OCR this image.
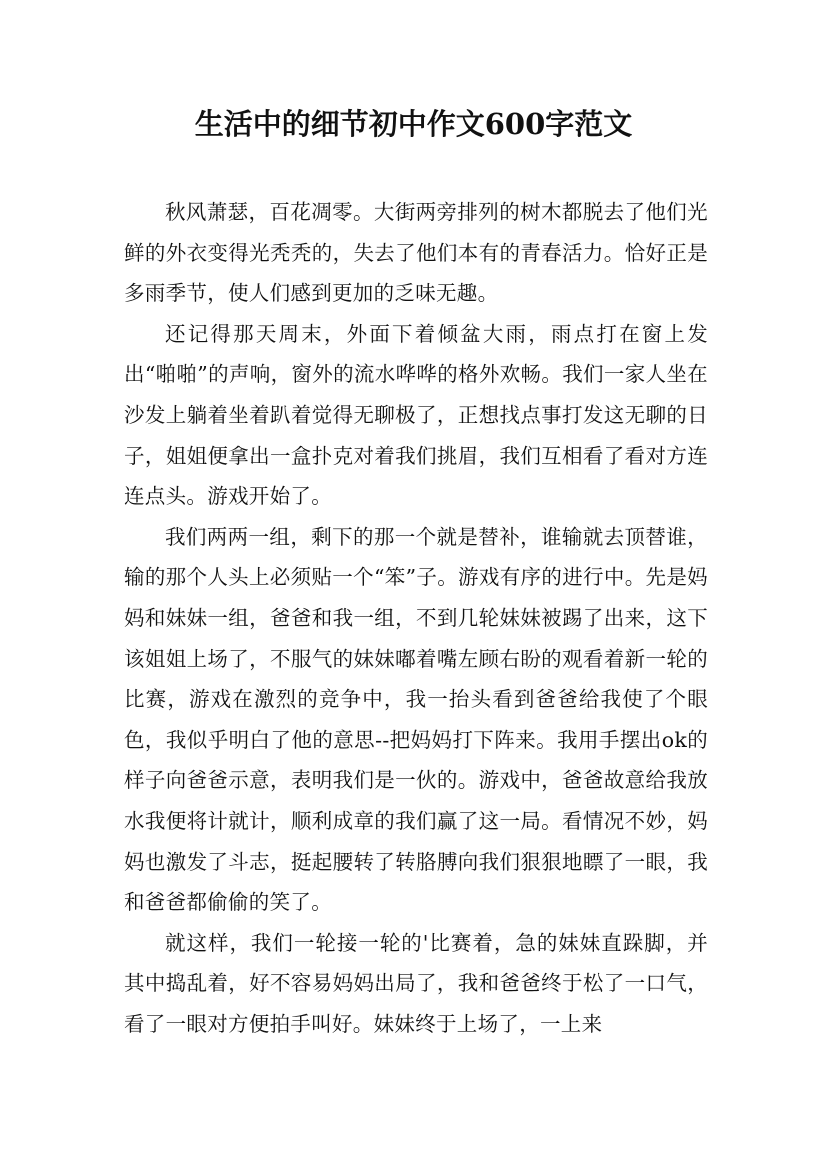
生活中的细节初中作文600字范文

秋风萧瑟，百花凋零。大街两旁排列的树木都脱去了他们光鲜的外衣变得光秃秃的，失去了他们本有的青春活力。恰好正是多雨季节，使人们感到更加的乏味无趣。

还记得那天周末，外面下着倾盆大雨，雨点打在窗上发出“啪啪”的声响，窗外的流水哗哗的格外欢畅。我们一家人坐在沙发上躺着坐着趴着觉得无聊极了，正想找点事打发这无聊的日子，姐姐便拿出一盒扑克对着我们挑眉，我们互相看了看对方连连点头。游戏开始了。

我们两两一组，剩下的那一个就是替补，谁输就去顶替谁，输的那个人头上必须贴一个“笨”子。游戏有序的进行中。先是妈妈和妹妹一组，爸爸和我一组，不到几轮妹妹被踢了出来，这下该姐姐上场了，不服气的妹妹嘟着嘴左顾右盼的观看着新一轮的比赛，游戏在激烈的竞争中，我一抬头看到爸爸给我使了个眼色，我似乎明白了他的意思--把妈妈打下阵来。我用手摆出ok的样子向爸爸示意，表明我们是一伙的。游戏中，爸爸故意给我放水我便将计就计，顺利成章的我们赢了这一局。看情况不妙，妈妈也激发了斗志，挺起腰转了转胳膊向我们狠狠地瞟了一眼，我和爸爸都偷偷的笑了。

就这样，我们一轮接一轮的'比赛着，急的妹妹直跺脚，并其中捣乱着，好不容易妈妈出局了，我和爸爸终于松了一口气，看了一眼对方便拍手叫好。妹妹终于上场了，一上来
